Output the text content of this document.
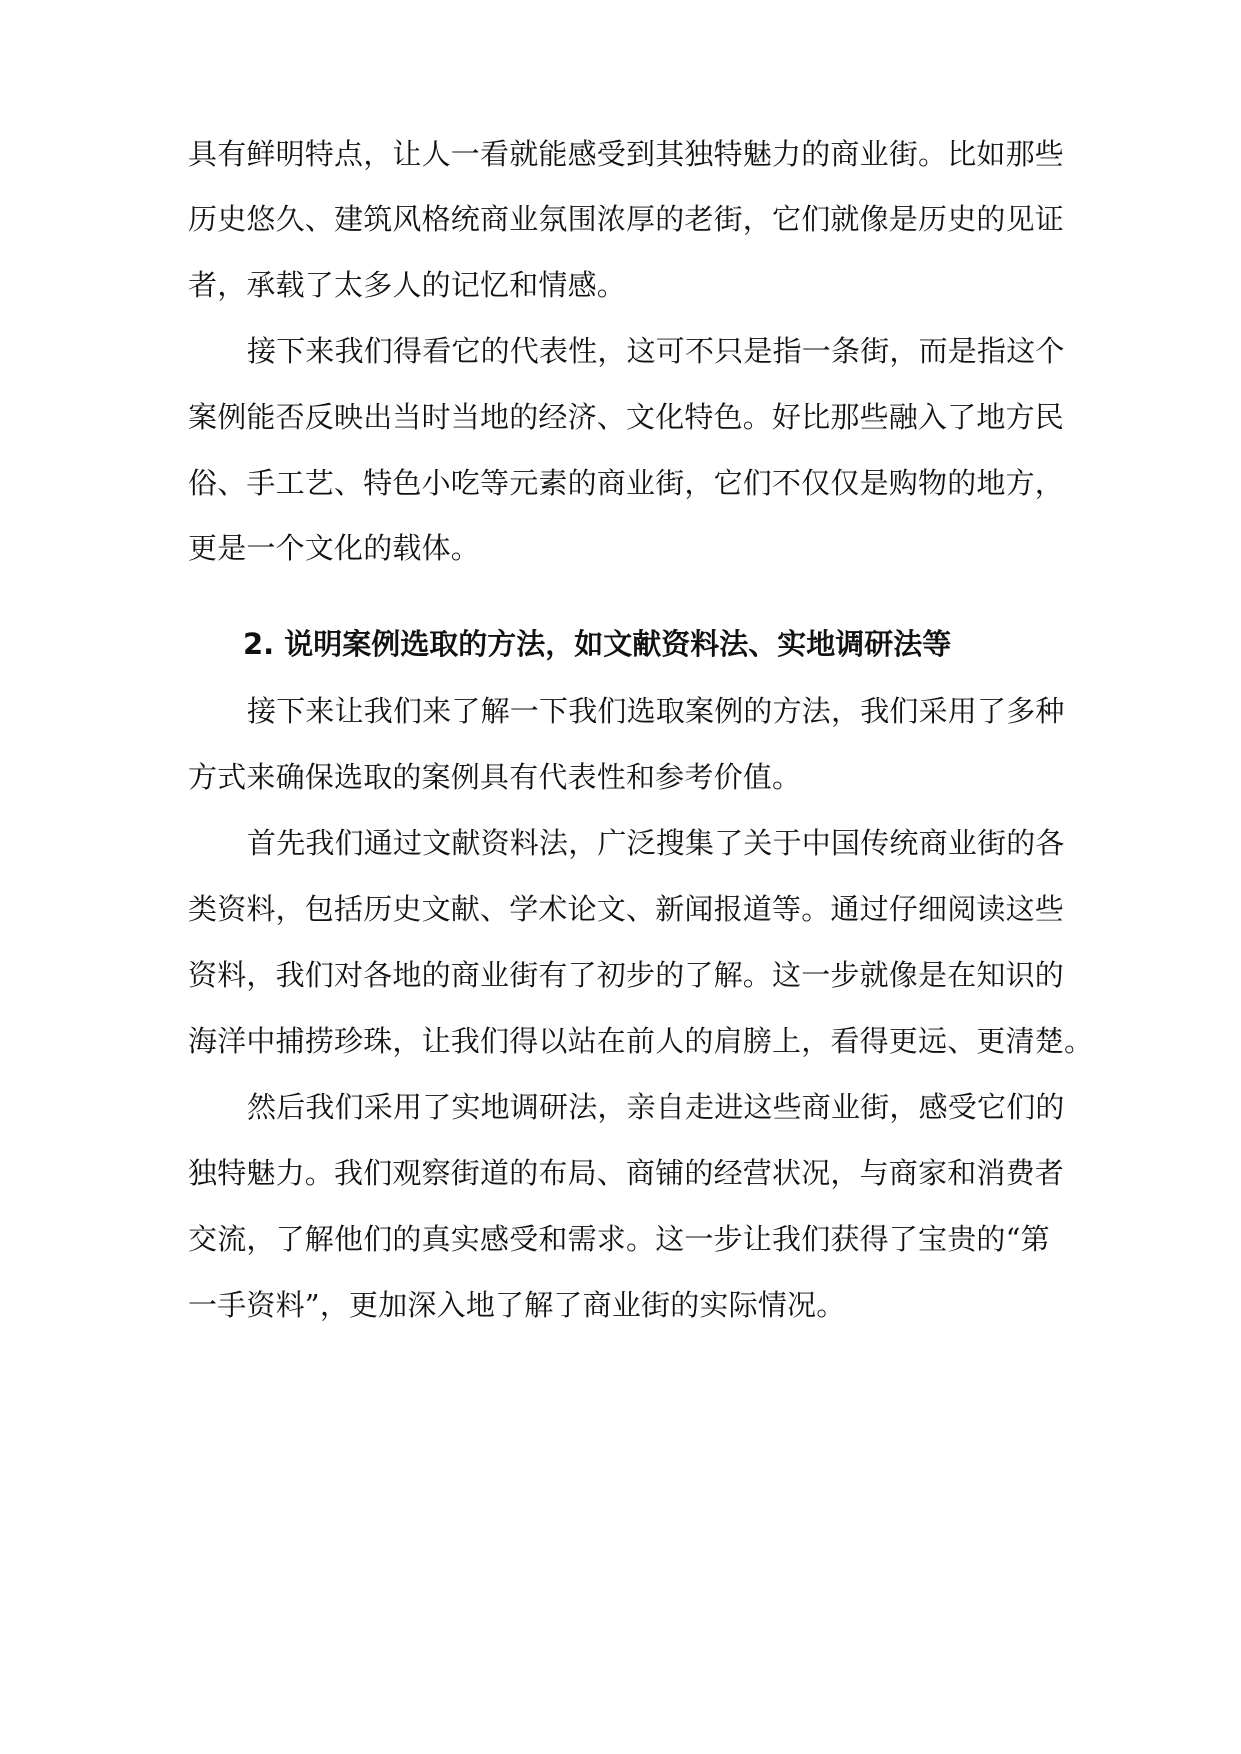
具有鲜明特点，让人一看就能感受到其独特魅力的商业街。比如那些
历史悠久、建筑风格统商业氛围浓厚的老街，它们就像是历史的见证
者，承载了太多人的记忆和情感。
接下来我们得看它的代表性，这可不只是指一条街，而是指这个
案例能否反映出当时当地的经济、文化特色。好比那些融入了地方民
俗、手工艺、特色小吃等元素的商业街，它们不仅仅是购物的地方，
更是一个文化的载体。
2. 说明案例选取的方法，如文献资料法、实地调研法等
接下来让我们来了解一下我们选取案例的方法，我们采用了多种
方式来确保选取的案例具有代表性和参考价值。
首先我们通过文献资料法，广泛搜集了关于中国传统商业街的各
类资料，包括历史文献、学术论文、新闻报道等。通过仔细阅读这些
资料，我们对各地的商业街有了初步的了解。这一步就像是在知识的
海洋中捕捞珍珠，让我们得以站在前人的肩膀上，看得更远、更清楚。
然后我们采用了实地调研法，亲自走进这些商业街，感受它们的
独特魅力。我们观察街道的布局、商铺的经营状况，与商家和消费者
交流，了解他们的真实感受和需求。这一步让我们获得了宝贵的“第
一手资料”，更加深入地了解了商业街的实际情况。
